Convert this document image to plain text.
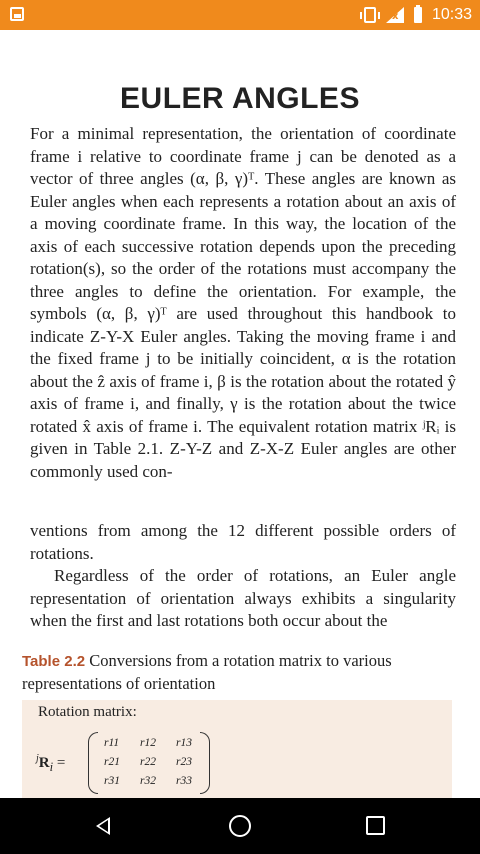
x 10:33
EULER ANGLES

For a minimal representation, the orientation of coordinate frame i relative to coordinate frame j can be denoted as a vector of three angles (α, β, γ)ᵀ. These angles are known as Euler angles when each represents a rotation about an axis of a moving coordinate frame. In this way, the location of the axis of each successive rotation depends upon the preceding rotation(s), so the order of the rotations must accompany the three angles to define the orientation. For example, the symbols (α, β, γ)ᵀ are used throughout this handbook to indicate Z-Y-X Euler angles. Taking the moving frame i and the fixed frame j to be initially coincident, α is the rotation about the ẑ axis of frame i, β is the rotation about the rotated ŷ axis of frame i, and finally, γ is the rotation about the twice rotated x̂ axis of frame i. The equivalent rotation matrix ʲRᵢ is given in Table 2.1. Z-Y-Z and Z-X-Z Euler angles are other commonly used con-

ventions from among the 12 different possible orders of rotations.

Regardless of the order of rotations, an Euler angle representation of orientation always exhibits a singularity when the first and last rotations both occur about the

Table 2.2 Conversions from a rotation matrix to various representations of orientation
Rotation matrix:
$^jR_i$ =
r11 r12 r13
r21 r22 r23
r31 r32 r33
